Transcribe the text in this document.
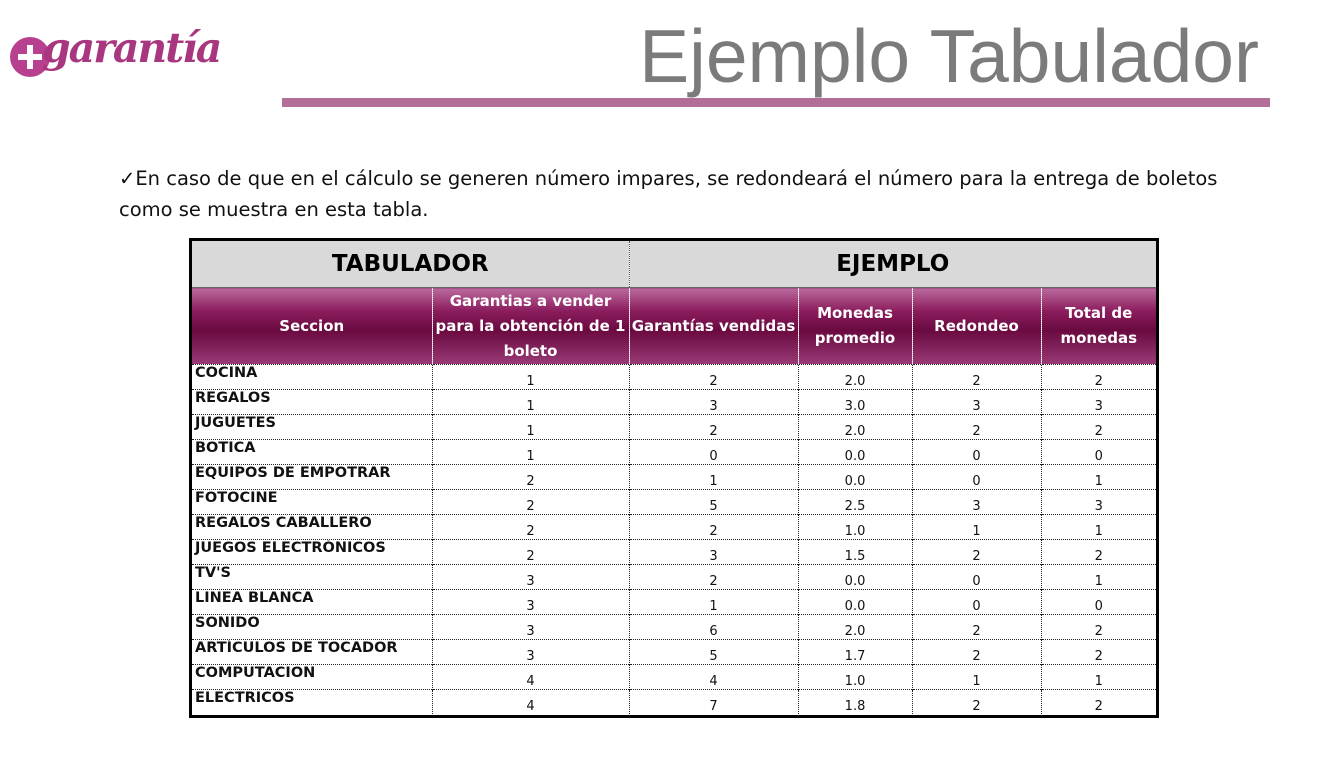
garantía	Ejemplo Tabulador
✓En caso de que en el cálculo se generen número impares, se redondeará el número para la entrega de boletos como se muestra en esta tabla.
TABULADOR		EJEMPLO			
Seccion	Garantias a vender para la obtención de 1 boleto	Garantías vendidas	Monedas promedio	Redondeo	Total de monedas
COCINA	1	2	2.0	2	2
REGALOS	1	3	3.0	3	3
JUGUETES	1	2	2.0	2	2
BOTICA	1	0	0.0	0	0
EQUIPOS DE EMPOTRAR	2	1	0.0	0	1
FOTOCINE	2	5	2.5	3	3
REGALOS CABALLERO	2	2	1.0	1	1
JUEGOS ELECTRÓNICOS	2	3	1.5	2	2
TV'S	3	2	0.0	0	1
LINEA BLANCA	3	1	0.0	0	0
SONIDO	3	6	2.0	2	2
ARTÍCULOS DE TOCADOR	3	5	1.7	2	2
COMPUTACION	4	4	1.0	1	1
ELECTRICOS	4	7	1.8	2	2
